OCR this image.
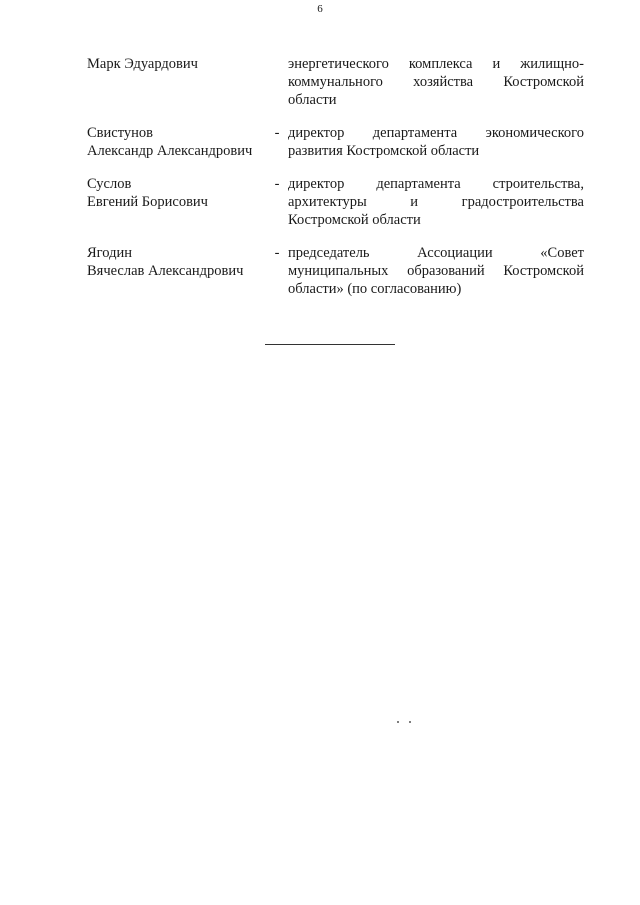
6
Марк Эдуардович	энергетического комплекса и жилищно-
коммунального хозяйства Костромской
области
Свистунов
Александр Александрович
- директор департамента экономического
развития Костромской области
Суслов
Евгений Борисович
- директор департамента строительства,
архитектуры и градостроительства
Костромской области
Ягодин
Вячеслав Александрович
- председатель Ассоциации «Совет
муниципальных образований Костромской
области» (по согласованию)
